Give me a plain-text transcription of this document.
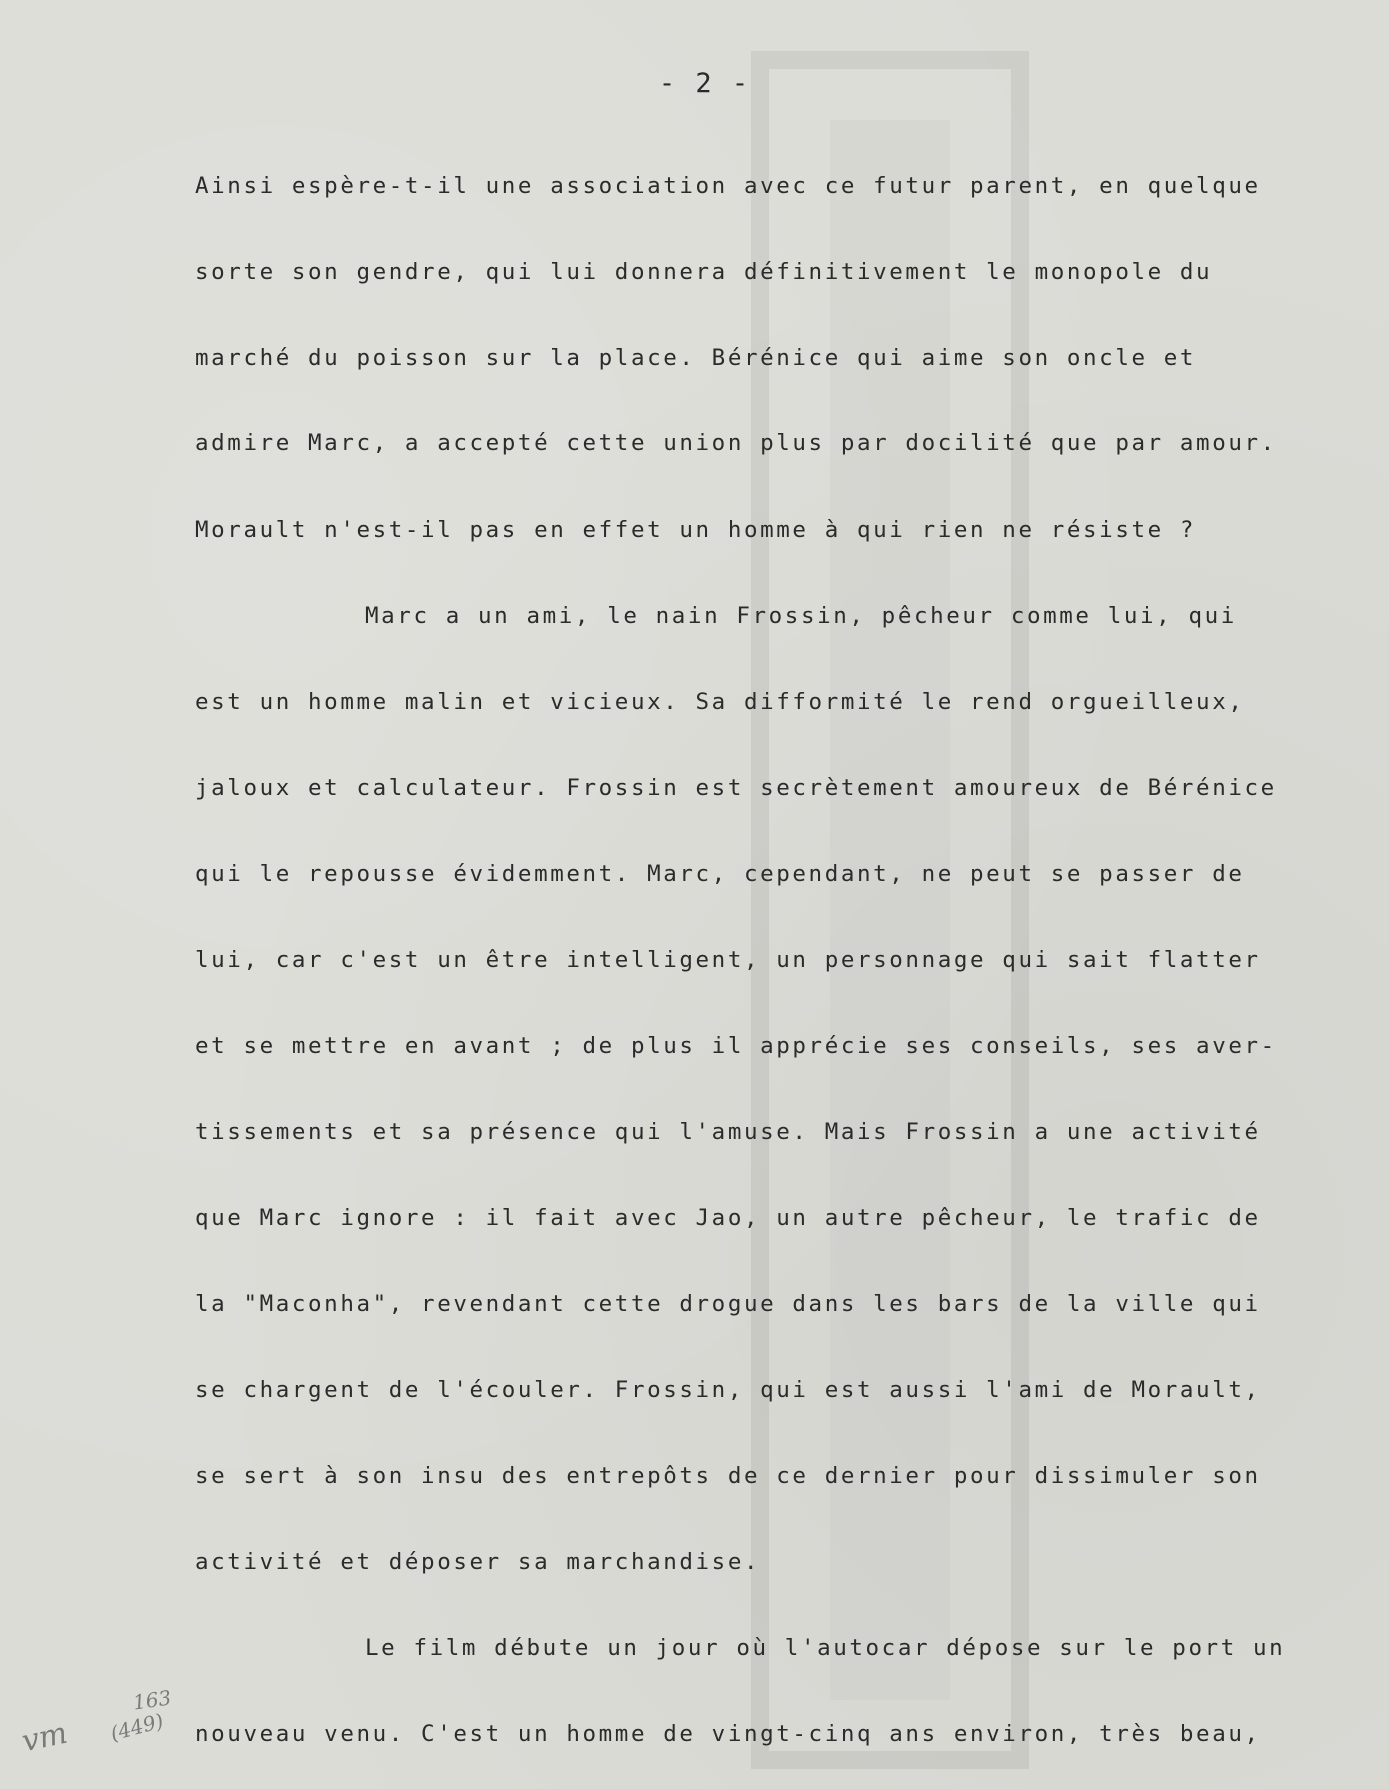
- 2 -
Ainsi espère-t-il une association avec ce futur parent, en quelque
sorte son gendre, qui lui donnera définitivement le monopole du
marché du poisson sur la place. Bérénice qui aime son oncle et
admire Marc, a accepté cette union plus par docilité que par amour.
Morault n'est-il pas en effet un homme à qui rien ne résiste ?
Marc a un ami, le nain Frossin, pêcheur comme lui, qui
est un homme malin et vicieux. Sa difformité le rend orgueilleux,
jaloux et calculateur. Frossin est secrètement amoureux de Bérénice
qui le repousse évidemment. Marc, cependant, ne peut se passer de
lui, car c'est un être intelligent, un personnage qui sait flatter
et se mettre en avant ; de plus il apprécie ses conseils, ses aver-
tissements et sa présence qui l'amuse. Mais Frossin a une activité
que Marc ignore : il fait avec Jao, un autre pêcheur, le trafic de
la "Maconha", revendant cette drogue dans les bars de la ville qui
se chargent de l'écouler. Frossin, qui est aussi l'ami de Morault,
se sert à son insu des entrepôts de ce dernier pour dissimuler son
activité et déposer sa marchandise.
Le film débute un jour où l'autocar dépose sur le port un
nouveau venu. C'est un homme de vingt-cinq ans environ, très beau,
vm
163
(449)
